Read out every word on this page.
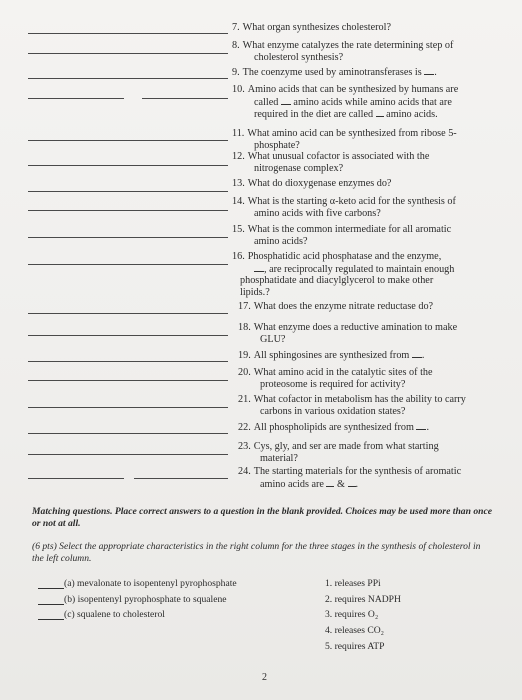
7. What organ synthesizes cholesterol?
8. What enzyme catalyzes the rate determining step of
cholesterol synthesis?
9. The coenzyme used by aminotransferases is .
10. Amino acids that can be synthesized by humans are
called amino acids while amino acids that are
required in the diet are called amino acids.
11. What amino acid can be synthesized from ribose 5-
phosphate?
12. What unusual cofactor is associated with the
nitrogenase complex?
13. What do dioxygenase enzymes do?
14. What is the starting α-keto acid for the synthesis of
amino acids with five carbons?
15. What is the common intermediate for all aromatic
amino acids?
16. Phosphatidic acid phosphatase and the enzyme,
, are reciprocally regulated to maintain enough
phosphatidate and diacylglycerol to make other
lipids.?
17. What does the enzyme nitrate reductase do?
18. What enzyme does a reductive amination to make
GLU?
19. All sphingosines are synthesized from .
20. What amino acid in the catalytic sites of the
proteosome is required for activity?
21. What cofactor in metabolism has the ability to carry
carbons in various oxidation states?
22. All phospholipids are synthesized from .
23. Cys, gly, and ser are made from what starting
material?
24. The starting materials for the synthesis of aromatic
amino acids are & .
Matching questions. Place correct answers to a question in the blank provided. Choices may be used more than once or not at all.
(6 pts) Select the appropriate characteristics in the right column for the three stages in the synthesis of cholesterol in the left column.
(a) mevalonate to isopentenyl pyrophosphate	1. releases PPi
(b) isopentenyl pyrophosphate to squalene	2. requires NADPH
(c) squalene to cholesterol	3. requires O₂
4. releases CO₂
5. requires ATP
2
